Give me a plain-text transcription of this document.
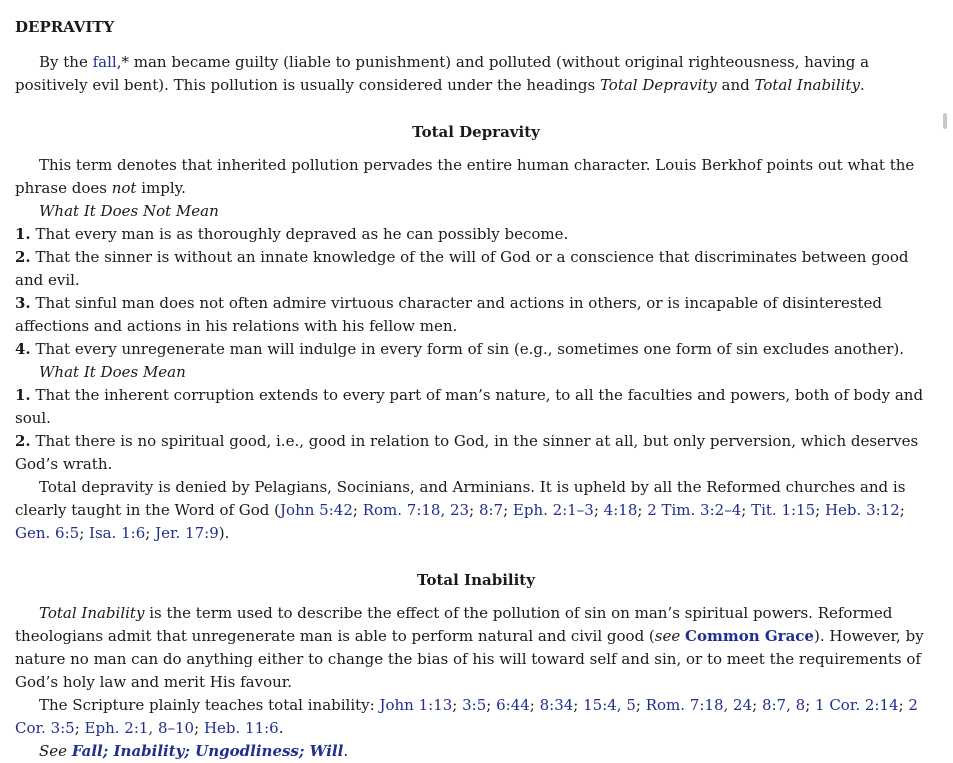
DEPRAVITY

By the fall,* man became guilty (liable to punishment) and polluted (without original righteousness, having a positively evil bent). This pollution is usually considered under the headings Total Depravity and Total Inability.

Total Depravity

This term denotes that inherited pollution pervades the entire human character. Louis Berkhof points out what the phrase does not imply.

What It Does Not Mean

1. That every man is as thoroughly depraved as he can possibly become.

2. That the sinner is without an innate knowledge of the will of God or a conscience that discriminates between good and evil.

3. That sinful man does not often admire virtuous character and actions in others, or is incapable of disinterested affections and actions in his relations with his fellow men.

4. That every unregenerate man will indulge in every form of sin (e.g., sometimes one form of sin excludes another).

What It Does Mean

1. That the inherent corruption extends to every part of man’s nature, to all the faculties and powers, both of body and soul.

2. That there is no spiritual good, i.e., good in relation to God, in the sinner at all, but only perversion, which deserves God’s wrath.

Total depravity is denied by Pelagians, Socinians, and Arminians. It is upheld by all the Reformed churches and is clearly taught in the Word of God (John 5:42; Rom. 7:18, 23; 8:7; Eph. 2:1–3; 4:18; 2 Tim. 3:2–4; Tit. 1:15; Heb. 3:12; Gen. 6:5; Isa. 1:6; Jer. 17:9).

Total Inability

Total Inability is the term used to describe the effect of the pollution of sin on man’s spiritual powers. Reformed theologians admit that unregenerate man is able to perform natural and civil good (see Common Grace). However, by nature no man can do anything either to change the bias of his will toward self and sin, or to meet the requirements of God’s holy law and merit His favour.

The Scripture plainly teaches total inability: John 1:13; 3:5; 6:44; 8:34; 15:4, 5; Rom. 7:18, 24; 8:7, 8; 1 Cor. 2:14; 2 Cor. 3:5; Eph. 2:1, 8–10; Heb. 11:6.

See Fall; Inability; Ungodliness; Will.
